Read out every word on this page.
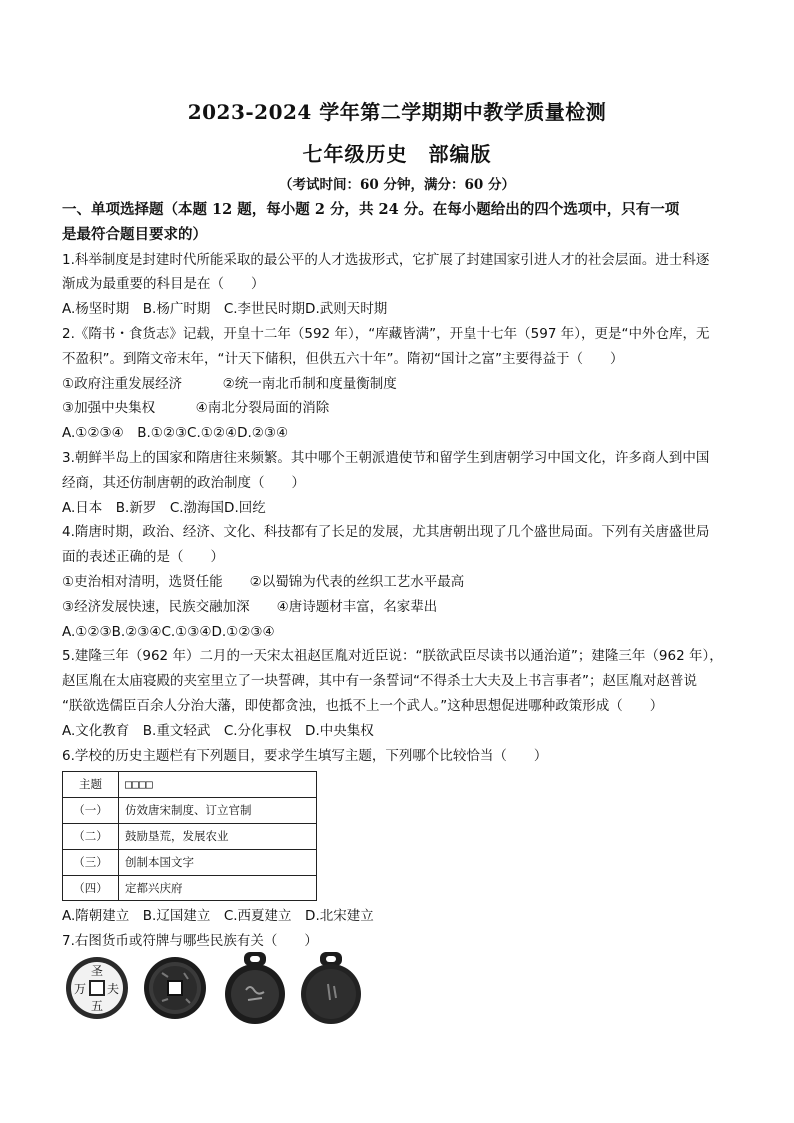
2023-2024 学年第二学期期中教学质量检测
七年级历史　部编版
（考试时间：60 分钟，满分：60 分）
一、单项选择题（本题 12 题，每小题 2 分，共 24 分。在每小题给出的四个选项中，只有一项
是最符合题目要求的）
1.科举制度是封建时代所能采取的最公平的人才选拔形式，它扩展了封建国家引进人才的社会层面。进士科逐
渐成为最重要的科目是在（　　）
A.杨坚时期　B.杨广时期　C.李世民时期D.武则天时期
2.《隋书・食货志》记载，开皇十二年（592 年），“库藏皆满”，开皇十七年（597 年），更是“中外仓库，无
不盈积”。到隋文帝末年，“计天下储积，但供五六十年”。隋初“国计之富”主要得益于（　　）
①政府注重发展经济　　　②统一南北币制和度量衡制度
③加强中央集权　　　④南北分裂局面的消除
A.①②③④　B.①②③C.①②④D.②③④
3.朝鲜半岛上的国家和隋唐往来频繁。其中哪个王朝派遣使节和留学生到唐朝学习中国文化，许多商人到中国
经商，其还仿制唐朝的政治制度（　　）
A.日本　B.新罗　C.渤海国D.回纥
4.隋唐时期，政治、经济、文化、科技都有了长足的发展，尤其唐朝出现了几个盛世局面。下列有关唐盛世局
面的表述正确的是（　　）
①吏治相对清明，选贤任能　　②以蜀锦为代表的丝织工艺水平最高
③经济发展快速，民族交融加深　　④唐诗题材丰富，名家辈出
A.①②③B.②③④C.①③④D.①②③④
5.建隆三年（962 年）二月的一天宋太祖赵匡胤对近臣说：“朕欲武臣尽读书以通治道”；建隆三年（962 年），
赵匡胤在太庙寝殿的夹室里立了一块誓碑，其中有一条誓词“不得杀士大夫及上书言事者”；赵匡胤对赵普说
“朕欲选儒臣百余人分治大藩，即使都贪浊，也抵不上一个武人。”这种思想促进哪种政策形成（　　）
A.文化教育　B.重文轻武　C.分化事权　D.中央集权
6.学校的历史主题栏有下列题目，要求学生填写主题，下列哪个比较恰当（　　）
主题	□□□□
（一）	仿效唐宋制度、订立官制
（二）	鼓励垦荒，发展农业
（三）	创制本国文字
（四）	定都兴庆府
A.隋朝建立　B.辽国建立　C.西夏建立　D.北宋建立
7.右图货币或符牌与哪些民族有关（　　）
圣
夫
万
五
